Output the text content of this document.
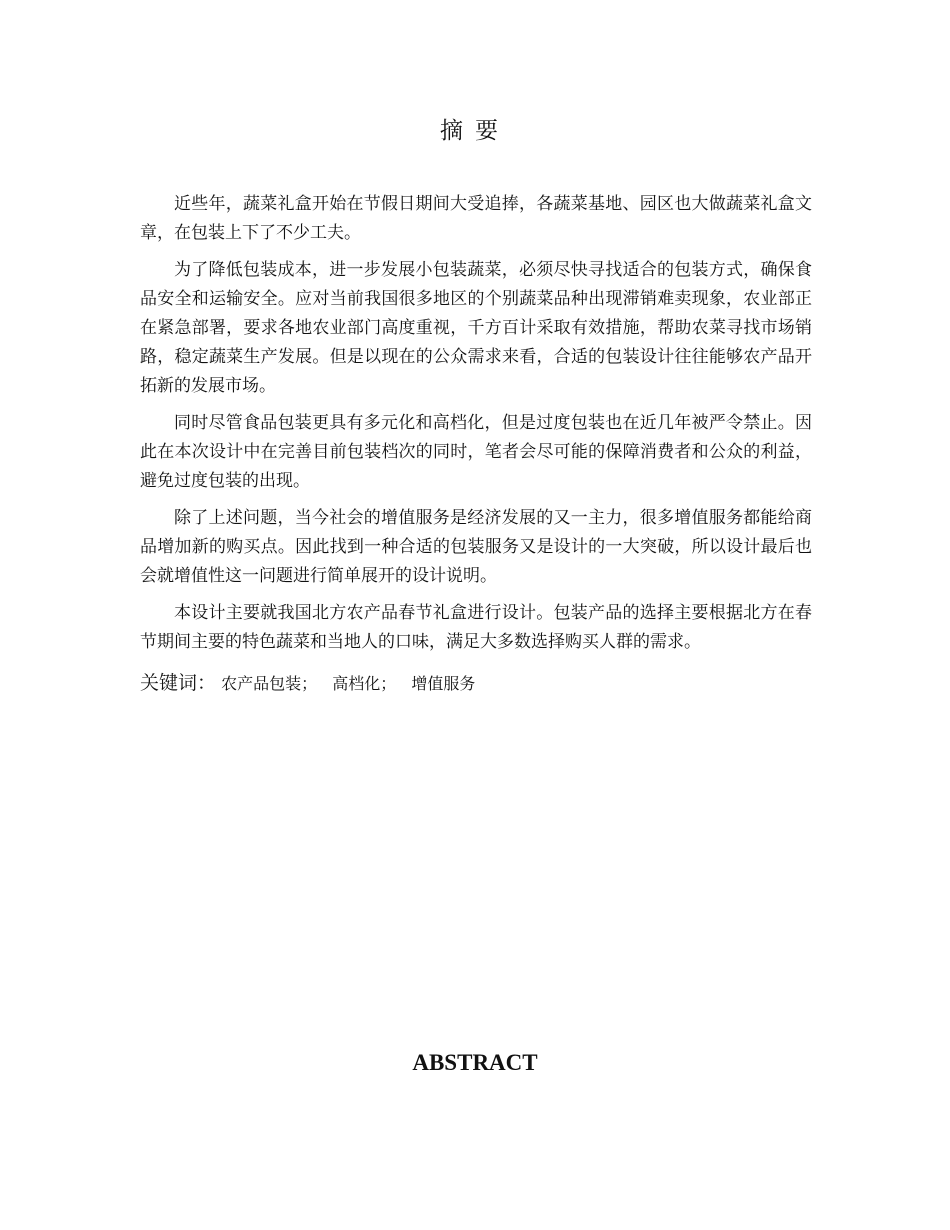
摘要

近些年，蔬菜礼盒开始在节假日期间大受追捧，各蔬菜基地、园区也大做蔬菜礼盒文章，在包装上下了不少工夫。

为了降低包装成本，进一步发展小包装蔬菜，必须尽快寻找适合的包装方式，确保食品安全和运输安全。应对当前我国很多地区的个别蔬菜品种出现滞销难卖现象，农业部正在紧急部署，要求各地农业部门高度重视，千方百计采取有效措施，帮助农菜寻找市场销路，稳定蔬菜生产发展。但是以现在的公众需求来看，合适的包装设计往往能够农产品开拓新的发展市场。

同时尽管食品包装更具有多元化和高档化，但是过度包装也在近几年被严令禁止。因此在本次设计中在完善目前包装档次的同时，笔者会尽可能的保障消费者和公众的利益，避免过度包装的出现。

除了上述问题，当今社会的增值服务是经济发展的又一主力，很多增值服务都能给商品增加新的购买点。因此找到一种合适的包装服务又是设计的一大突破，所以设计最后也会就增值性这一问题进行简单展开的设计说明。

本设计主要就我国北方农产品春节礼盒进行设计。包装产品的选择主要根据北方在春节期间主要的特色蔬菜和当地人的口味，满足大多数选择购买人群的需求。

关键词： 农产品包装； 高档化； 增值服务
ABSTRACT
